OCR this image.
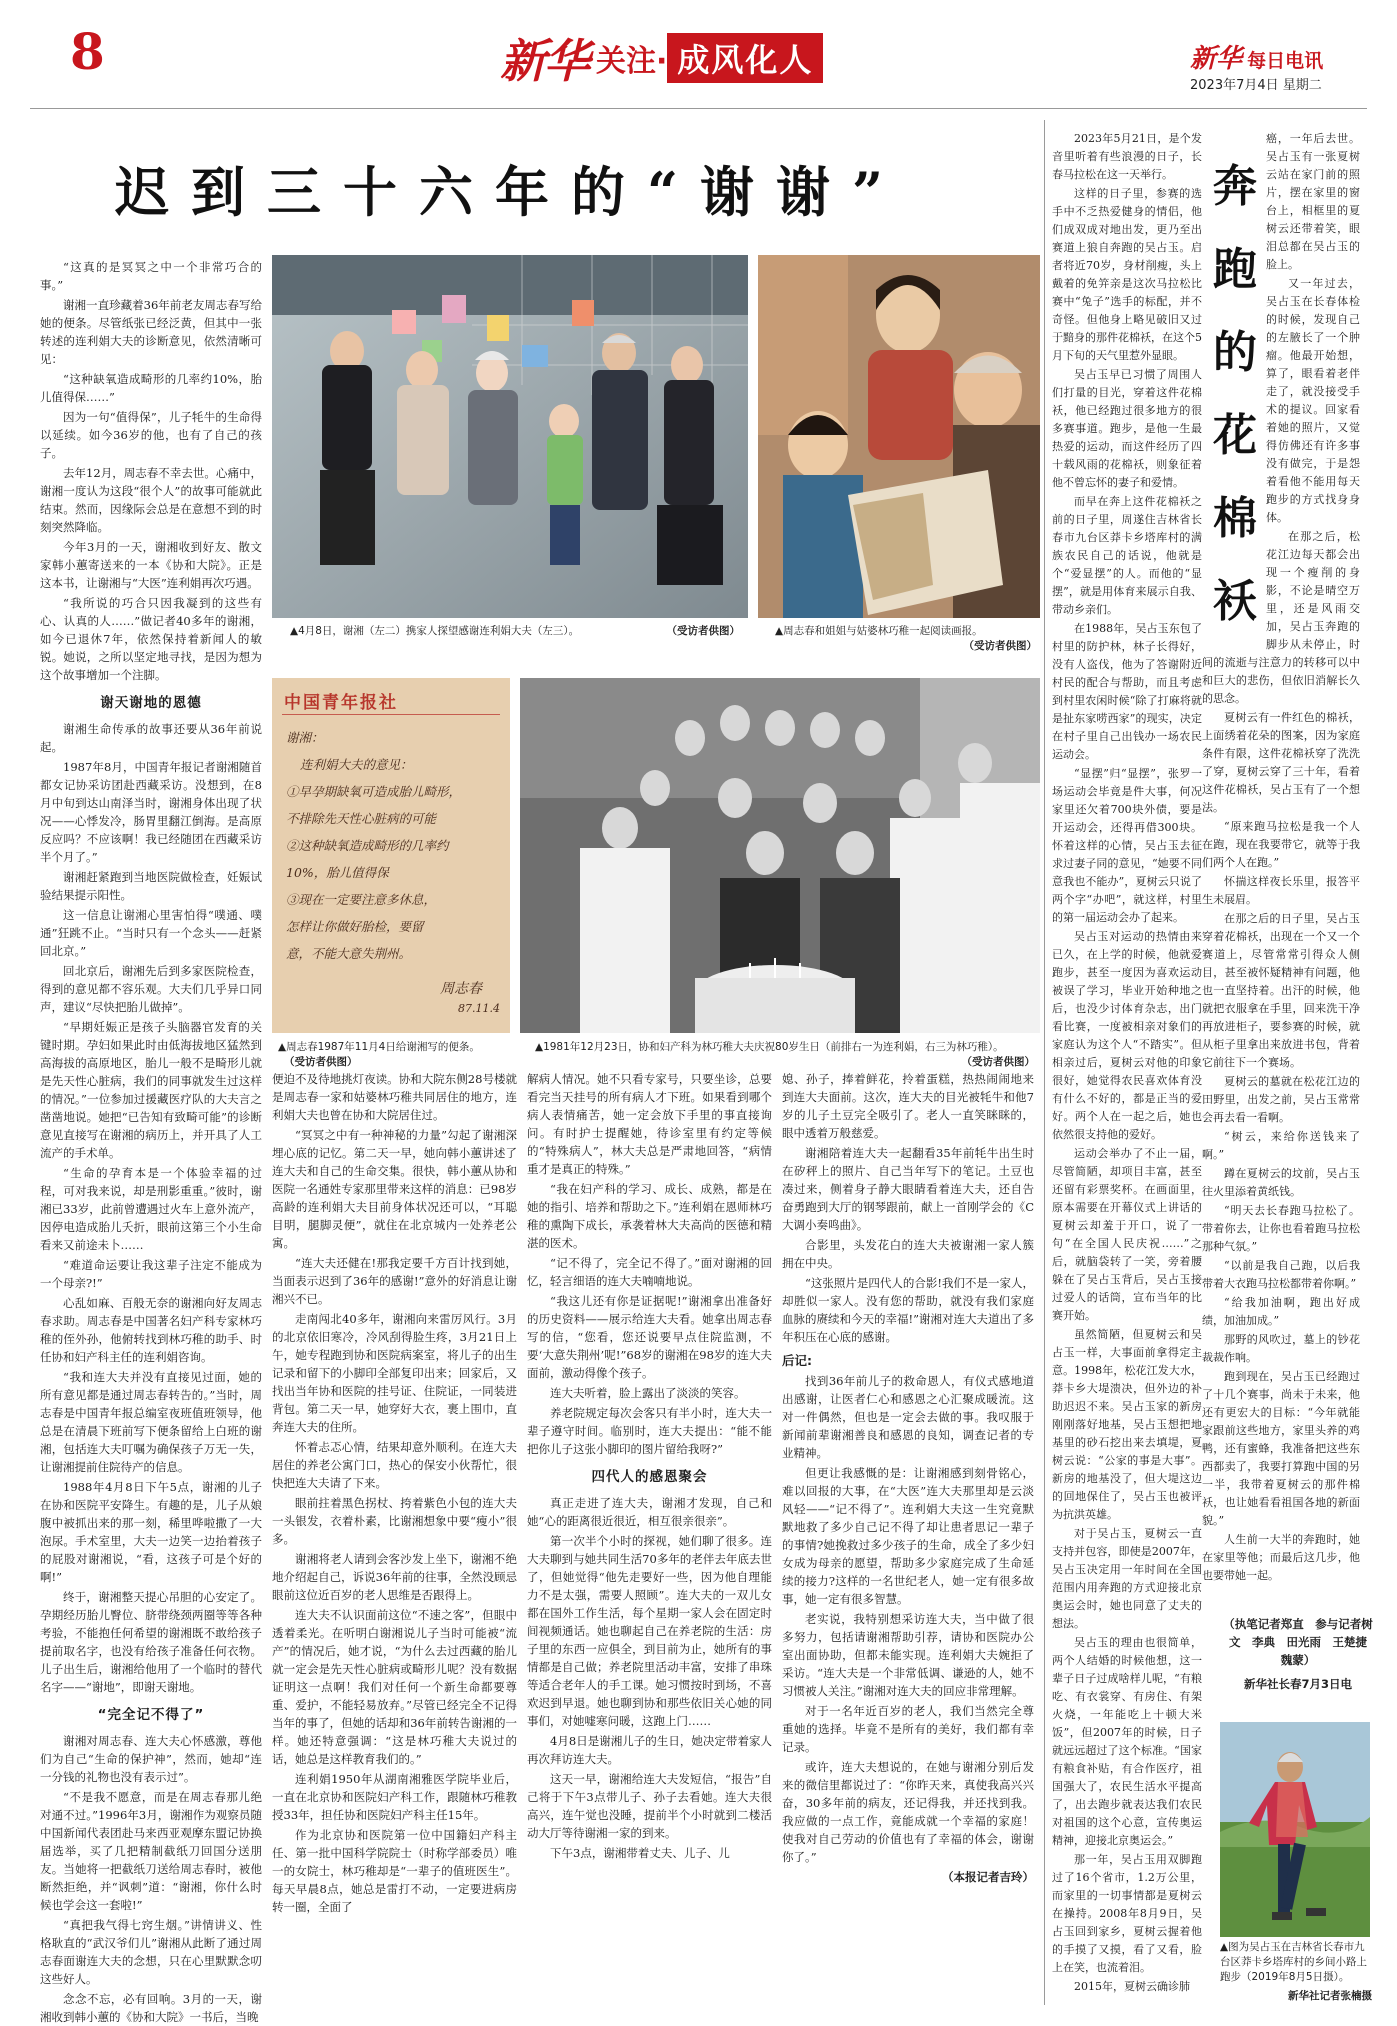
8	新华 关注· 成风化人	新华 每日电讯
2023年7月4日 星期二
迟到三十六年的“谢谢”
▲4月8日，谢湘（左二）携家人探望感谢连利娟大夫（左三）。	（受访者供图）	▲周志春和姐姐与姑婆林巧稚一起阅读画报。
（受访者供图）
中国青年报社
谢湘：
连利娟大夫的意见：
①早孕期缺氧可造成胎儿畸形，
不排除先天性心脏病的可能
②这种缺氧造成畸形的几率约
10%，胎儿值得保
③现在一定要注意多休息，
怎样让你做好胎检，要留
意，不能大意失荆州。
周志春
87.11.4
▲周志春1987年11月4日给谢湘写的便条。 （受访者供图）
▲1981年12月23日，协和妇产科为林巧稚大夫庆祝80岁生日（前排右一为连利娟，右三为林巧稚）。
（受访者供图）

“这真的是冥冥之中一个非常巧合的事。”

谢湘一直珍藏着36年前老友周志春写给她的便条。尽管纸张已经泛黄，但其中一张转述的连利娟大夫的诊断意见，依然清晰可见：

“这种缺氧造成畸形的几率约10%，胎儿值得保……”

因为一句“值得保”，儿子牦牛的生命得以延续。如今36岁的他，也有了自己的孩子。

去年12月，周志春不幸去世。心痛中，谢湘一度认为这段“很个人”的故事可能就此结束。然而，因缘际会总是在意想不到的时刻突然降临。

今年3月的一天，谢湘收到好友、散文家韩小蕙寄送来的一本《协和大院》。正是这本书，让谢湘与“大医”连利娟再次巧遇。

“我所说的巧合只因我凝到的这些有心、认真的人……”做记者40多年的谢湘，如今已退休7年，依然保持着新闻人的敏锐。她说，之所以坚定地寻找，是因为想为这个故事增加一个注脚。

谢天谢地的恩德

谢湘生命传承的故事还要从36年前说起。

1987年8月，中国青年报记者谢湘随首都女记协采访团赴西藏采访。没想到，在8月中旬到达山南泽当时，谢湘身体出现了状况——心悸发冷，肠胃里翻江倒海。是高原反应吗？不应该啊！我已经随团在西藏采访半个月了。”

谢湘赶紧跑到当地医院做检查，妊娠试验结果提示阳性。

这一信息让谢湘心里害怕得“噗通、噗通”狂跳不止。“当时只有一个念头——赶紧回北京。”

回北京后，谢湘先后到多家医院检查，得到的意见都不容乐观。大夫们几乎异口同声，建议“尽快把胎儿做掉”。

“早期妊娠正是孩子头脑器官发育的关键时期。孕妇如果此时由低海拔地区猛然到高海拔的高原地区，胎儿一般不是畸形儿就是先天性心脏病，我们的同事就发生过这样的情况。”一位参加过援藏医疗队的大夫言之凿凿地说。她把“已告知有致畸可能”的诊断意见直接写在谢湘的病历上，并开具了人工流产的手术单。

“生命的孕育本是一个体验幸福的过程，可对我来说，却是刑影重重。”彼时，谢湘已33岁，此前曾遭遇过火车上意外流产，因停电造成胎儿夭折，眼前这第三个小生命看来又前途未卜……

“难道命运要让我这辈子注定不能成为一个母亲?!”

心乱如麻、百般无奈的谢湘向好友周志春求助。周志春是中国著名妇产科专家林巧稚的侄外孙，他俯转找到林巧稚的助手、时任协和妇产科主任的连利娟咨询。

“我和连大夫并没有直接见过面，她的所有意见都是通过周志春转告的。”当时，周志春是中国青年报总编室夜班值班领导，他总是在清晨下班前写下便条留给上白班的谢湘，包括连大夫叮嘱为确保孩子万无一失，让谢湘提前住院待产的信息。

1988年4月8日下午5点，谢湘的儿子在协和医院平安降生。有趣的是，儿子从娘腹中被抓出来的那一刻，稀里哗啦撒了一大泡尿。手术室里，大夫一边笑一边抬着孩子的屁股对谢湘说，“看，这孩子可是个好的啊!”

终于，谢湘整天提心吊胆的心安定了。孕期经历胎儿臀位、脐带绕颈两圈等等各种考验，不能抱任何希望的谢湘既不敢给孩子提前取名字，也没有给孩子准备任何衣物。儿子出生后，谢湘给他用了一个临时的替代名字——“谢地”，即谢天谢地。

“完全记不得了”

谢湘对周志春、连大夫心怀感激，尊他们为自己“生命的保护神”，然而，她却“连一分钱的礼物也没有表示过”。

“不是我不愿意，而是在周志春那儿绝对通不过。”1996年3月，谢湘作为观察员随中国新闻代表团赴马来西亚观摩东盟记协换届选举，买了几把精制截纸刀回国分送朋友。当她将一把截纸刀送给周志春时，被他断然拒绝，并“讽刺”道：“谢湘，你什么时候也学会这一套啦!”

“真把我气得七窍生烟。”讲情讲义、性格耿直的“武汉爷们儿”谢湘从此断了通过周志春面谢连大夫的念想，只在心里默默念叨这些好人。

念念不忘，必有回响。3月的一天，谢湘收到韩小蕙的《协和大院》一书后，当晚

便迫不及待地挑灯夜读。协和大院东侧28号楼就是周志春一家和姑婆林巧稚共同居住的地方，连利娟大夫也曾在协和大院居住过。

“冥冥之中有一种神秘的力量”勾起了谢湘深埋心底的记忆。第二天一早，她向韩小蕙讲述了连大夫和自己的生命交集。很快，韩小蕙从协和医院一名通姓专家那里带来这样的消息：已98岁高龄的连利娟大夫目前身体状况还可以，“耳聪目明，腿脚灵便”，就住在北京城内一处养老公寓。

“连大夫还健在!那我定要千方百计找到她，当面表示迟到了36年的感谢!”意外的好消息让谢湘兴不已。

走南闯北40多年，谢湘向来雷厉风行。3月的北京依旧寒冷，冷风刮得脸生疼，3月21日上午，她专程跑到协和医院病案室，将儿子的出生记录和留下的小脚印全部复印出来；回家后，又找出当年协和医院的挂号证、住院证，一同装进背包。第二天一早，她穿好大衣，裹上围巾，直奔连大夫的住所。

怀着忐忑心情，结果却意外顺利。在连大夫居住的养老公寓门口，热心的保安小伙帮忙，很快把连大夫请了下来。

眼前拄着黑色拐杖、挎着紫色小包的连大夫一头银发，衣着朴素，比谢湘想象中要“瘦小”很多。

谢湘将老人请到会客沙发上坐下，谢湘不绝地介绍起自己，诉说36年前的往事，全然没顾忌眼前这位近百岁的老人思维是否跟得上。

连大夫不认识面前这位“不速之客”，但眼中透着柔光。在听明白谢湘说儿子当时可能被“流产”的情况后，她才说，“为什么去过西藏的胎儿就一定会是先天性心脏病或畸形儿呢？没有数据证明这一点啊！我们对任何一个新生命都要尊重、爱护，不能轻易放弃。”尽管已经完全不记得当年的事了，但她的话却和36年前转告谢湘的一样。她还特意强调：“这是林巧稚大夫说过的话，她总是这样教育我们的。”

连利娟1950年从湖南湘雅医学院毕业后，一直在北京协和医院妇产科工作，跟随林巧稚教授33年，担任协和医院妇产科主任15年。

作为北京协和医院第一位中国籍妇产科主任、第一批中国科学院院士（时称学部委员）唯一的女院士，林巧稚却是“一辈子的值班医生”。每天早晨8点，她总是雷打不动，一定要进病房转一圈，全面了

解病人情况。她不只看专家号，只要坐诊，总要看完当天挂号的所有病人才下班。如果看到哪个病人表情痛苦，她一定会放下手里的事直接询问。有时护士提醒她，待诊室里有约定等候的“特殊病人”，林大夫总是严肃地回答，“病情重才是真正的特殊。”

“我在妇产科的学习、成长、成熟，都是在她的指引、培养和帮助之下。”连利娟在恩师林巧稚的熏陶下成长，承袭着林大夫高尚的医德和精湛的医术。

“记不得了，完全记不得了。”面对谢湘的回忆，轻言细语的连大夫喃喃地说。

“我这儿还有你是证据呢!”谢湘拿出准备好的历史资料——展示给连大夫看。她拿出周志春写的信，“您看，您还说要早点住院监测，不要‘大意失荆州’呢!”68岁的谢湘在98岁的连大夫面前，激动得像个孩子。

连大夫听着，脸上露出了淡淡的笑容。

养老院规定每次会客只有半小时，连大夫一辈子遵守时间。临别时，连大夫提出：“能不能把你儿子这张小脚印的图片留给我呀?”

四代人的感恩聚会

真正走进了连大夫，谢湘才发现，自己和她“心的距离很近很近，相互很亲很亲”。

第一次半个小时的探视，她们聊了很多。连大夫聊到与她共同生活70多年的老伴去年底去世了，但她觉得“他先走要好一些，因为他自理能力不是太强，需要人照顾”。连大夫的一双儿女都在国外工作生活，每个星期一家人会在固定时间视频通话。她也聊起自己在养老院的生活：房子里的东西一应俱全，到目前为止，她所有的事情都是自己做；养老院里活动丰富，安排了串珠等适合老年人的手工课。她习惯按时到场，不喜欢迟到早退。她也聊到协和那些依旧关心她的同事们，对她嘘寒问暖，这跑上门……

4月8日是谢湘儿子的生日，她决定带着家人再次拜访连大夫。

这天一早，谢湘给连大夫发短信，“报告”自己将于下午3点带儿子、孙子去看她。连大夫很高兴，连午觉也没睡，提前半个小时就到二楼活动大厅等待谢湘一家的到来。

下午3点，谢湘带着丈夫、儿子、儿

媳、孙子，捧着鲜花，拎着蛋糕，热热闹闹地来到连大夫面前。这次，连大夫的目光被牦牛和他7岁的儿子土豆完全吸引了。老人一直笑眯眯的，眼中透着万般慈爱。

谢湘陪着连大夫一起翻看35年前牦牛出生时在矽秤上的照片、自己当年写下的笔记。土豆也凑过来，侧着身子静大眼睛看着连大夫，还自告奋勇跑到大厅的钢琴跟前，献上一首刚学会的《C大调小奏鸣曲》。

合影里，头发花白的连大夫被谢湘一家人簇拥在中央。

“这张照片是四代人的合影!我们不是一家人，却胜似一家人。没有您的帮助，就没有我们家庭血脉的赓续和今天的幸福!”谢湘对连大夫道出了多年积压在心底的感谢。

后记:

找到36年前儿子的救命恩人，有仪式感地道出感谢，让医者仁心和感恩之心汇聚成暖流。这对一件偶然，但也是一定会去做的事。我叹服于新闻前辈谢湘善良和感恩的良知，调查记者的专业精神。

但更让我感慨的是：让谢湘感到刻骨铭心，难以回报的大事，在“大医”连大夫那里却是云淡风轻——“记不得了”。连利娟大夫这一生究竟默默地救了多少自己记不得了却让患者思记一辈子的事情?她挽救过多少孩子的生命，成全了多少妇女成为母亲的愿望，帮助多少家庭完成了生命延续的接力?这样的一名世纪老人，她一定有很多故事，她一定有很多智慧。

老实说，我特别想采访连大夫，当中做了很多努力，包括请谢湘帮助引荐，请协和医院办公室出面协助，但都未能实现。连利娟大夫婉拒了采访。“连大夫是一个非常低调、谦逊的人，她不习惯被人关注。”谢湘对连大夫的回应非常理解。

对于一名年近百岁的老人，我们当然完全尊重她的选择。毕竟不是所有的美好，我们都有幸记录。

或许，连大夫想说的，在她与谢湘分别后发来的微信里都说过了：“你昨天来，真使我高兴兴奋，30多年前的病友，还记得我，并还找到我。我应做的一点工作，竟能成就一个幸福的家庭！使我对自己劳动的价值也有了幸福的体会，谢谢你了。”

（本报记者吉玲）

2023年5月21日，是个发音里听着有些浪漫的日子，长春马拉松在这一天举行。

这样的日子里，参赛的选手中不乏热爱健身的情侣，他们成双成对地出发，更乃至出赛道上狼自奔跑的吴占玉。启者将近70岁，身材削瘦，头上戴着的免笄亲是这次马拉松比赛中“兔子”选手的标配，并不奇怪。但他身上略见破旧又过于黯身的那件花棉袄，在这个5月下旬的天气里惹外显眼。

吴占玉早已习惯了周围人们打量的目光，穿着这件花棉袄，他已经跑过很多地方的很多赛事道。跑步，是他一生最热爱的运动，而这件经历了四十载风雨的花棉袄，则象征着他不曾忘怀的妻子和爱情。

而早在奔上这件花棉袄之前的日子里，周遂住吉林省长春市九台区莽卡乡塔库村的满族农民自己的话说，他就是个“爱显摆”的人。而他的“显摆”，就是用体育来展示自我、带动乡亲们。

在1988年，吴占玉东包了村里的防护林，林子长得好，没有人盗伐，他为了答谢附近村民的配合与帮助，而且考虑到村里农闲时候“除了打麻将就是扯东家唠西家”的现实，决定在村子里自己出钱办一场农民运动会。

“显摆”归“显摆”，张罗一场运动会毕竟是件大事，何况家里还欠着700块外债，要是开运动会，还得再借300块。怀着这样的心情，吴占玉去征求过妻子同的意见，“她要不同意我也不能办”，夏树云只说了两个字“办吧”，就这样，村里的第一届运动会办了起来。

吴占玉对运动的热情由来已久，在上学的时候，他就爱跑步，甚至一度因为喜欢运动被误了学习，毕业开始种地之后，也没少讨体育杂志，出门看比赛，一度被相亲对象们的家庭认为这个人“不踏实”。但相亲过后，夏树云对他的印象很好，她觉得农民喜欢体育没有什么不好的，都是正当的爱好。两个人在一起之后，她也依然很支持他的爱好。

运动会举办了不止一届，尽管简陋，却项目丰富，甚至还留有彩票奖杯。在画面里，原本需要在开幕仪式上讲话的夏树云却羞于开口，说了一句“在全国人民庆祝……”之后，就脑袋转了一笑，旁着腰躲在了吴占玉背后，吴占玉接过爱人的话筒，宣布当年的比赛开始。

虽然简陋，但夏树云和吴占玉一样，大事面前拿得定主意。1998年，松花江发大水，莽卡乡大堤溃决，但外边的补助迟迟不来。吴占玉家的新房刚刚落好地基，吴占玉想把地基里的砂石挖出来去填堤，夏树云说：“公家的事是大事”。新房的地基没了，但大堤这边的回地保住了，吴占玉也被评为抗洪英雄。

对于吴占玉，夏树云一直支持并包容，即使是2007年，吴占玉决定用一年时间在全国范围内用奔跑的方式迎接北京奥运会时，她也同意了丈夫的想法。

吴占玉的理由也很简单，两个人结婚的时候他想，这一辈子日子过成啥样儿呢，“有粮吃、有衣裳穿、有房住、有架火烧，一年能吃上十顿大米饭”，但2007年的时候，日子就远远超过了这个标准。“国家有粮食补贴，有合作医疗，祖国强大了，农民生活水平提高了，出去跑步就表达我们农民对祖国的这个心意，宣传奥运精神，迎接北京奥运会。”

那一年，吴占玉用双脚跑过了16个省市，1.2万公里，而家里的一切事情都是夏树云在操持。2008年8月9日，吴占玉回到家乡，夏树云握着他的手摸了又摸，看了又看，脸上在笑，也流着泪。

2015年，夏树云确诊肺

奔
跑
的
花
棉
袄

癌，一年后去世。吴占玉有一张夏树云站在家门前的照片，摆在家里的窗台上，相框里的夏树云还带着笑，眼泪总都在吴占玉的脸上。

又一年过去，吴占玉在长春体检的时候，发现自己的左腋长了一个肿瘤。他最开始想，算了，眼看着老伴走了，就没接受手术的提议。回家看着她的照片，又觉得仿佛还有许多事没有做完，于是怨着看他不能用每天跑步的方式找身身体。

在那之后，松花江边每天都会出现一个瘦削的身影，不论是晴空万里，还是风雨交加，吴占玉奔跑的脚步从未停止，时间的流逝与注意力的转移可以中和巨大的悲伤，但依旧消解长久的思念。

夏树云有一件红色的棉袄，上面绣着花朵的图案，因为家庭条件有限，这件花棉袄穿了洗洗了穿，夏树云穿了三十年，看着这件花棉袄，吴占玉有了一个想法。

“原来跑马拉松是我一个人在跑，现在我要带它，就等于我们两个人在跑。”

怀揣这样夜长乐里，报答平生未展眉。

在那之后的日子里，吴占玉穿着花棉袄，出现在一个又一个赛道上，尽管常常引得众人侧目，甚至被怀疑精神有问题，他也一直坚持着。出汗的时候，他就把衣服拿在手里，回来洗干净再放进柜子，要参赛的时候，就从柜子里拿出来放进书包，背着它前往下一个赛场。

夏树云的墓就在松花江边的田野里，出发之前，吴占玉常常会再去看一看啊。

“树云，来给你送钱来了啊。”

蹲在夏树云的坟前，吴占玉往火里添着黄纸钱。

“明天去长春跑马拉松了。带着你去，让你也看着跑马拉松那种气氛。”

“以前是我自己跑，以后我带着大衣跑马拉松都带着你啊。”

“给我加油啊，跑出好成绩，加油加成。”

那野的风吹过，墓上的钞花裁裁作响。

跑到现在，吴占玉已经跑过了十几个赛事，尚未于未来，他还有更宏大的目标：“今年就能家跟前这些地方，家里头养的鸡鸭，还有蜜蜂，我准备把这些东西都卖了，我要打算跑中国的另一半，我带着夏树云的那件棉袄，也让她看看祖国各地的新面貌。”

人生前一大半的奔跑时，她在家里等他；而最后这几步，他也要带她一起。

（执笔记者郑直　参与记者树文　李典　田光雨　王楚捷　魏蒙）
新华社长春7月3日电
▲图为吴占玉在吉林省长春市九台区莽卡乡塔库村的乡间小路上跑步（2019年8月5日摄）。
新华社记者张楠摄
